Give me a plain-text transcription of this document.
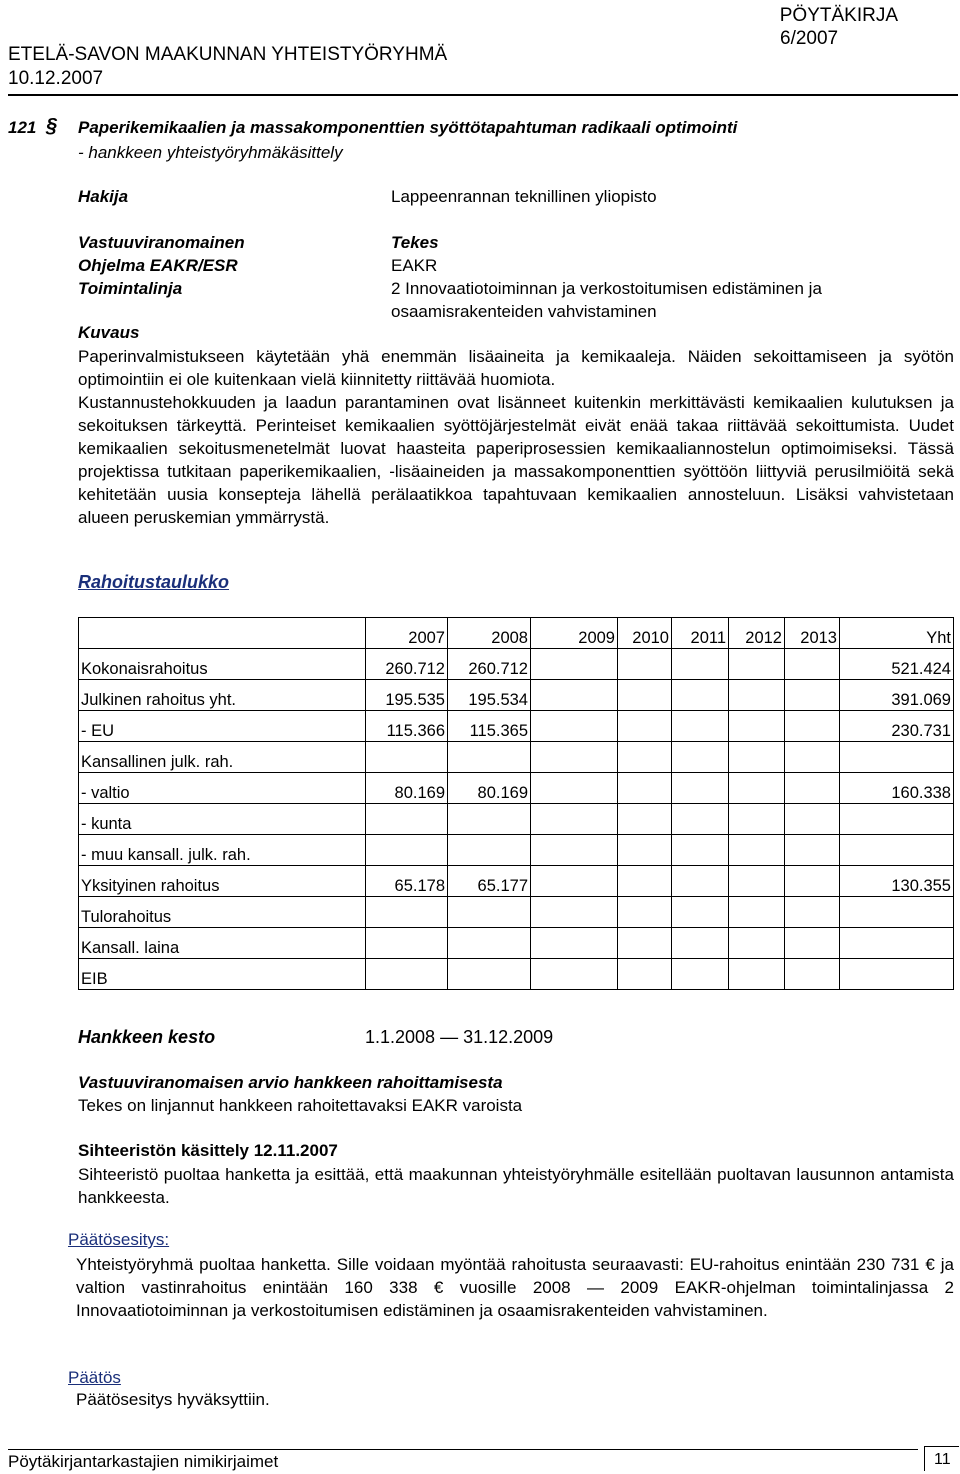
PÖYTÄKIRJA
6/2007
ETELÄ-SAVON MAAKUNNAN YHTEISTYÖRYHMÄ
10.12.2007
121 § Paperikemikaalien ja massakomponenttien syöttötapahtuman radikaali optimointi
- hankkeen yhteistyöryhmäkäsittely
Hakija	Lappeenrannan teknillinen yliopisto
Vastuuviranomainen	Tekes
Ohjelma EAKR/ESR	EAKR
Toimintalinja	2 Innovaatiotoiminnan ja verkostoitumisen edistäminen ja
osaamisrakenteiden vahvistaminen
Kuvaus
Paperinvalmistukseen käytetään yhä enemmän lisäaineita ja kemikaaleja. Näiden sekoittamiseen ja syötön optimointiin ei ole kuitenkaan vielä kiinnitetty riittävää huomiota.
Kustannustehokkuuden ja laadun parantaminen ovat lisänneet kuitenkin merkittävästi kemikaalien kulutuksen ja sekoituksen tärkeyttä. Perinteiset kemikaalien syöttöjärjestelmät eivät enää takaa riittävää sekoittumista. Uudet kemikaalien sekoitusmenetelmät luovat haasteita paperiprosessien kemikaaliannostelun optimoimiseksi. Tässä projektissa tutkitaan paperikemikaalien, -lisäaineiden ja massakomponenttien syöttöön liittyviä perusilmiöitä sekä kehitetään uusia konsepteja lähellä perälaatikkoa tapahtuvaan kemikaalien annosteluun. Lisäksi vahvistetaan alueen peruskemian ymmärrystä.
Rahoitustaulukko
	2007	2008	2009	2010	2011	2012	2013	Yht
Kokonaisrahoitus	260.712	260.712						521.424
Julkinen rahoitus yht.	195.535	195.534						391.069
- EU	115.366	115.365						230.731
Kansallinen julk. rah.								
- valtio	80.169	80.169						160.338
- kunta								
- muu kansall. julk. rah.								
Yksityinen rahoitus	65.178	65.177						130.355
Tulorahoitus								
Kansall. laina								
EIB								
Hankkeen kesto	1.1.2008 — 31.12.2009
Vastuuviranomaisen arvio hankkeen rahoittamisesta
Tekes on linjannut hankkeen rahoitettavaksi EAKR varoista
Sihteeristön käsittely 12.11.2007
Sihteeristö puoltaa hanketta ja esittää, että maakunnan yhteistyöryhmälle esitellään puoltavan lausunnon antamista hankkeesta.
Päätösesitys:
Yhteistyöryhmä puoltaa hanketta. Sille voidaan myöntää rahoitusta seuraavasti: EU-rahoitus enintään 230 731 € ja valtion vastinrahoitus enintään 160 338 € vuosille 2008 — 2009 EAKR-ohjelman toimintalinjassa 2 Innovaatiotoiminnan ja verkostoitumisen edistäminen ja osaamisrakenteiden vahvistaminen.
Päätös
Päätösesitys hyväksyttiin.
Pöytäkirjantarkastajien nimikirjaimet	11
